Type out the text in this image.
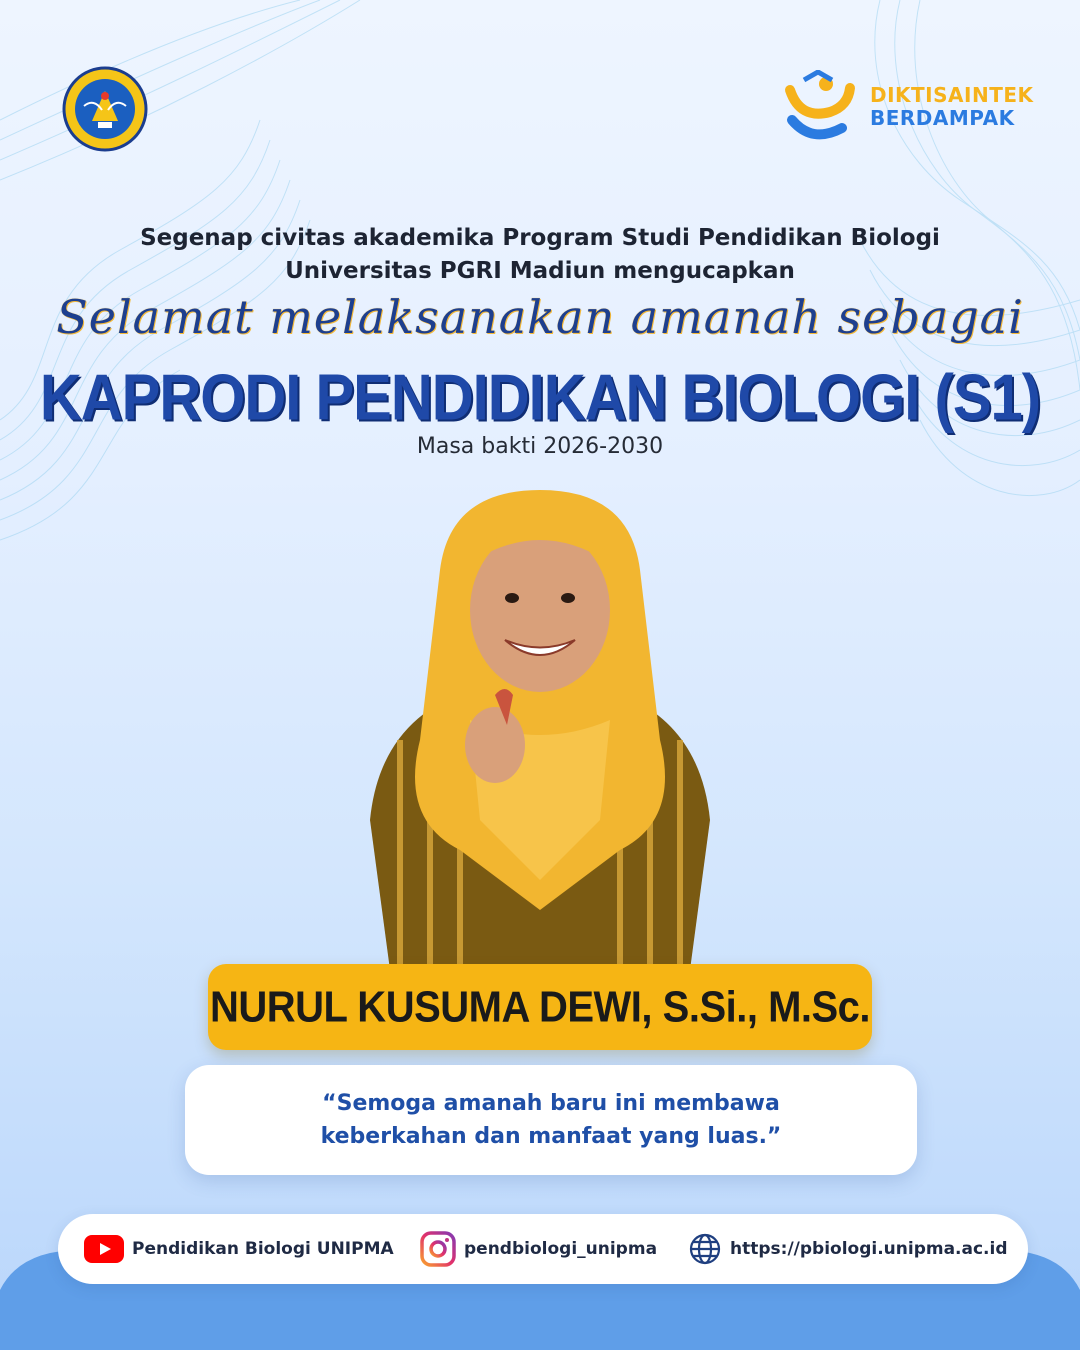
DIKTISAINTEK
BERDAMPAK
Segenap civitas akademika Program Studi Pendidikan Biologi
Universitas PGRI Madiun mengucapkan
Selamat melaksanakan amanah sebagai
KAPRODI PENDIDIKAN BIOLOGI (S1)
Masa bakti 2026-2030
NURUL KUSUMA DEWI, S.Si., M.Sc.
“Semoga amanah baru ini membawa
keberkahan dan manfaat yang luas.”
Pendidikan Biologi UNIPMA	pendbiologi_unipma	https://pbiologi.unipma.ac.id
